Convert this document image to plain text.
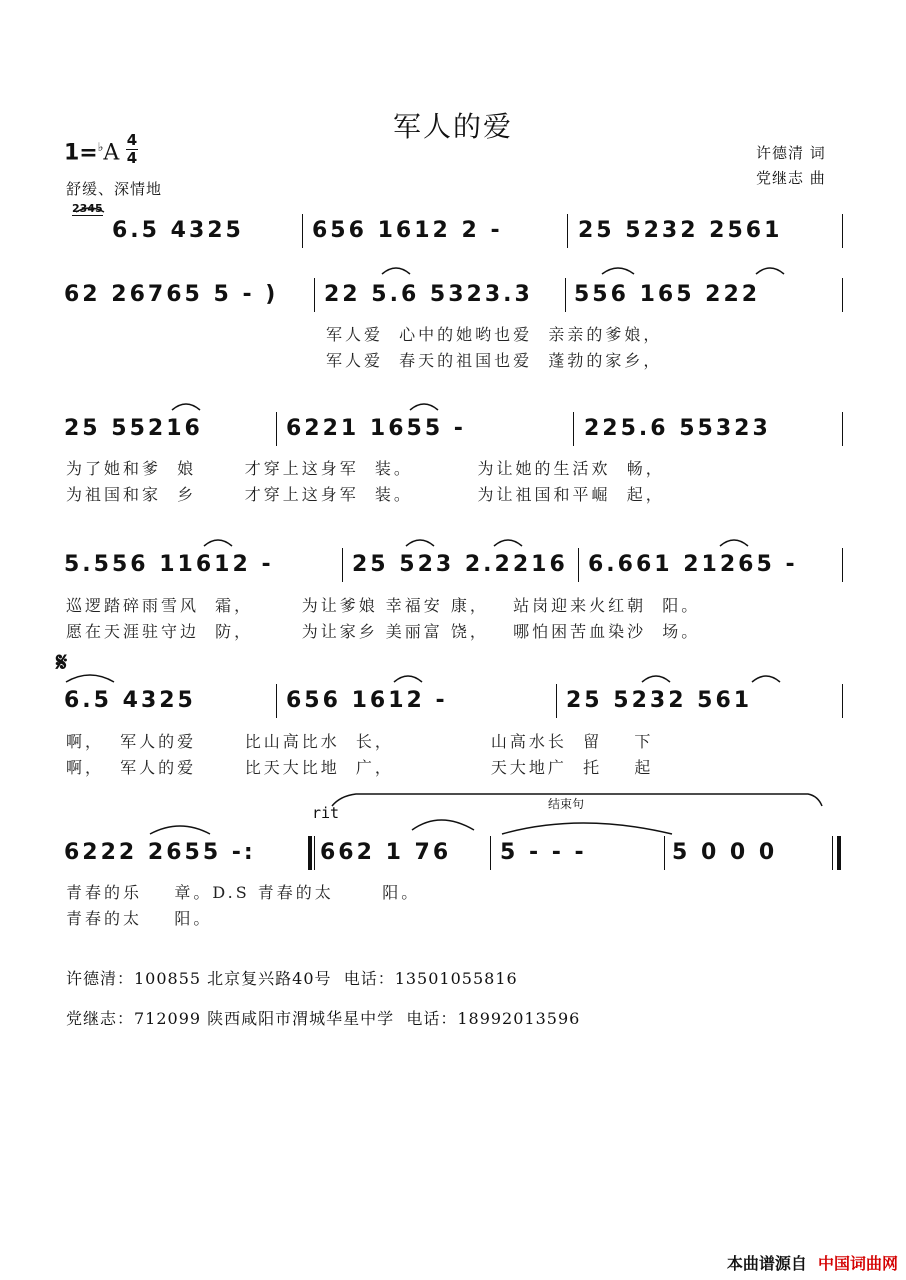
军人的爱
1=♭A
4
4
舒缓、深情地
许德清 词
党继志 曲
2345
6.5 4325	656 1612 2 -	25 5232 2561
62 26765 5 - ) 22 5.6 5323.3 556 165 222
军人爱  心中的她哟也爱  亲亲的爹娘，
军人爱  春天的祖国也爱  蓬勃的家乡，
25 55216	6221 1655 -	225.6 55323
为了她和爹  娘      才穿上这身军  装。        为让她的生活欢  畅，
为祖国和家  乡      才穿上这身军  装。        为让祖国和平崛  起，
5.556 11612 -	25 523 2.2216 6.661 21265 -
巡逻踏碎雨雪风  霜，      为让爹娘 幸福安 康，   站岗迎来火红朝  阳。
愿在天涯驻守边  防，      为让家乡 美丽富 饶，   哪怕困苦血染沙  场。
𝄋
6.5 4325	656 1612 -	25 5232 561
啊，  军人的爱      比山高比水  长，            山高水长  留    下
啊，  军人的爱      比天大比地  广，            天大地广  托    起
rit	结束句
6222 2655 -:	662 1 76 5 - - -	5 0 0 0
青春的乐    章。D.S 青春的太      阳。
青春的太    阳。
许德清：100855 北京复兴路40号  电话：13501055816
党继志：712099 陕西咸阳市渭城华星中学  电话：18992013596
本曲谱源自 中国词曲网
